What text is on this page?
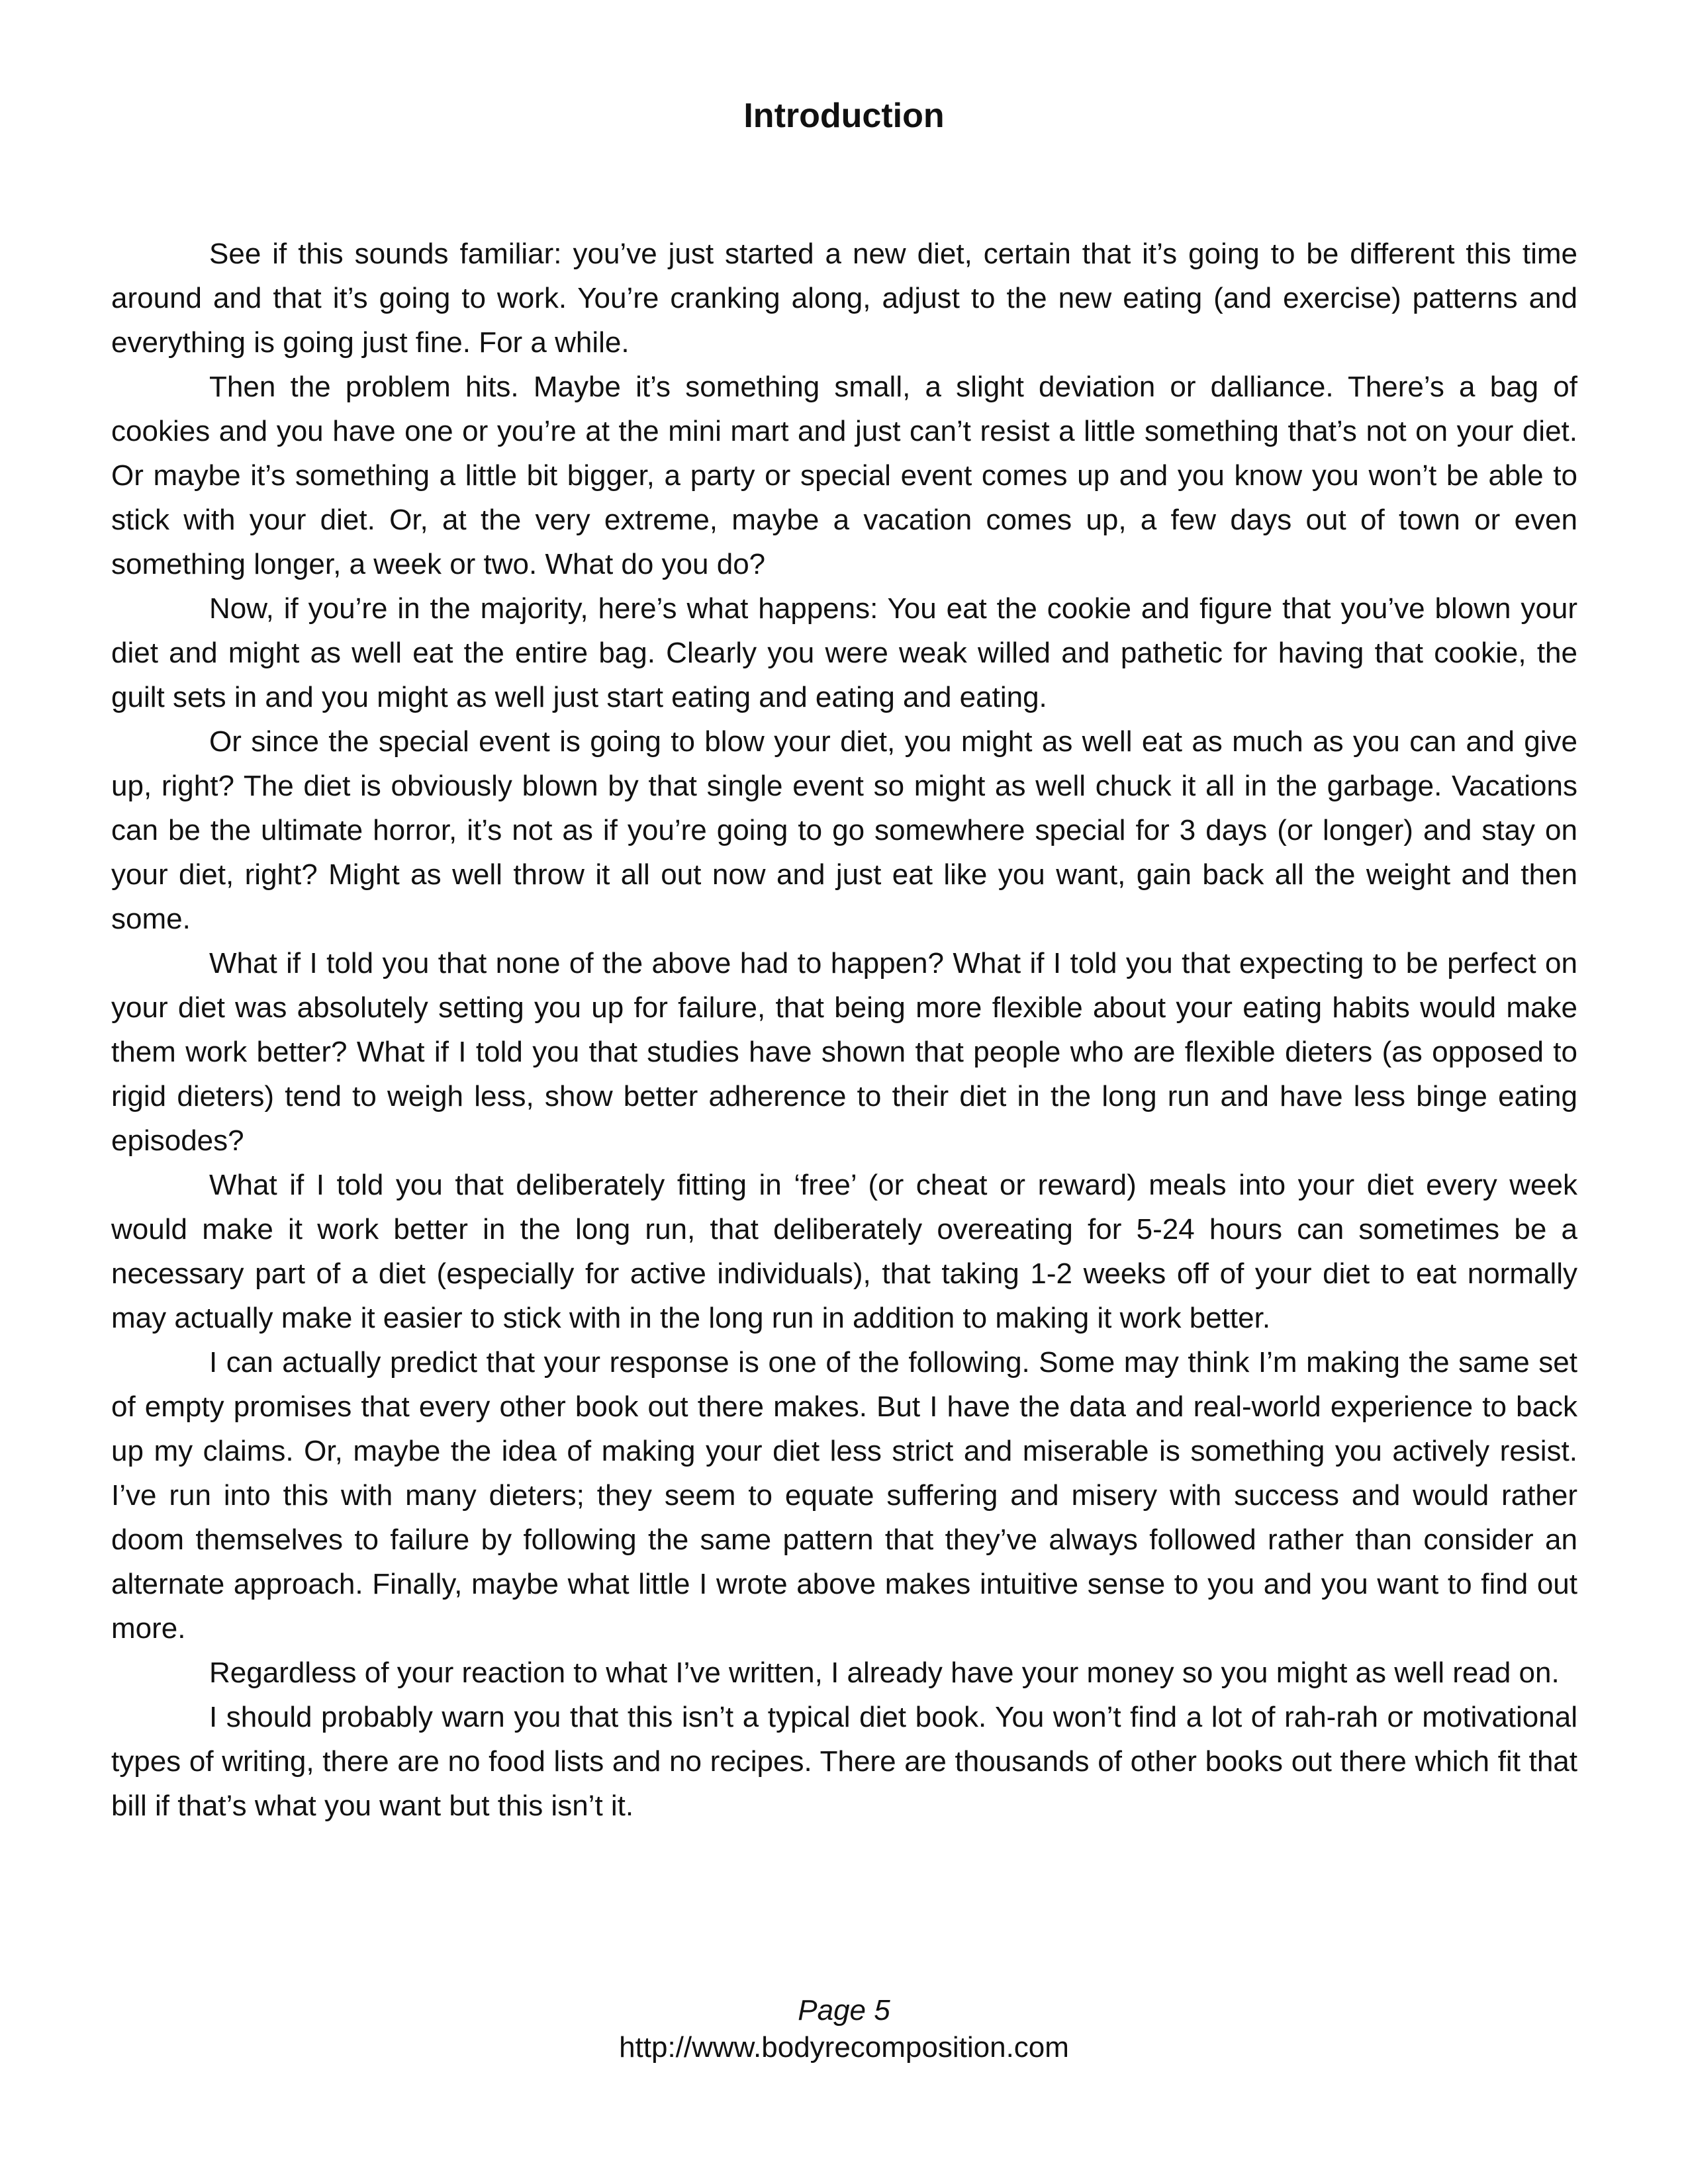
Introduction

See if this sounds familiar: you’ve just started a new diet, certain that it’s going to be different this time around and that it’s going to work. You’re cranking along, adjust to the new eating (and exercise) patterns and everything is going just fine. For a while.

Then the problem hits. Maybe it’s something small, a slight deviation or dalliance. There’s a bag of cookies and you have one or you’re at the mini mart and just can’t resist a little something that’s not on your diet. Or maybe it’s something a little bit bigger, a party or special event comes up and you know you won’t be able to stick with your diet. Or, at the very extreme, maybe a vacation comes up, a few days out of town or even something longer, a week or two. What do you do?

Now, if you’re in the majority, here’s what happens: You eat the cookie and figure that you’ve blown your diet and might as well eat the entire bag. Clearly you were weak willed and pathetic for having that cookie, the guilt sets in and you might as well just start eating and eating and eating.

Or since the special event is going to blow your diet, you might as well eat as much as you can and give up, right? The diet is obviously blown by that single event so might as well chuck it all in the garbage. Vacations can be the ultimate horror, it’s not as if you’re going to go somewhere special for 3 days (or longer) and stay on your diet, right? Might as well throw it all out now and just eat like you want, gain back all the weight and then some.

What if I told you that none of the above had to happen? What if I told you that expecting to be perfect on your diet was absolutely setting you up for failure, that being more flexible about your eating habits would make them work better? What if I told you that studies have shown that people who are flexible dieters (as opposed to rigid dieters) tend to weigh less, show better adherence to their diet in the long run and have less binge eating episodes?

What if I told you that deliberately fitting in ‘free’ (or cheat or reward) meals into your diet every week would make it work better in the long run, that deliberately overeating for 5-24 hours can sometimes be a necessary part of a diet (especially for active individuals), that taking 1-2 weeks off of your diet to eat normally may actually make it easier to stick with in the long run in addition to making it work better.

I can actually predict that your response is one of the following. Some may think I’m making the same set of empty promises that every other book out there makes. But I have the data and real-world experience to back up my claims. Or, maybe the idea of making your diet less strict and miserable is something you actively resist. I’ve run into this with many dieters; they seem to equate suffering and misery with success and would rather doom themselves to failure by following the same pattern that they’ve always followed rather than consider an alternate approach. Finally, maybe what little I wrote above makes intuitive sense to you and you want to find out more.

Regardless of your reaction to what I’ve written, I already have your money so you might as well read on.

I should probably warn you that this isn’t a typical diet book. You won’t find a lot of rah-rah or motivational types of writing, there are no food lists and no recipes. There are thousands of other books out there which fit that bill if that’s what you want but this isn’t it.

Page 5
http://www.bodyrecomposition.com
